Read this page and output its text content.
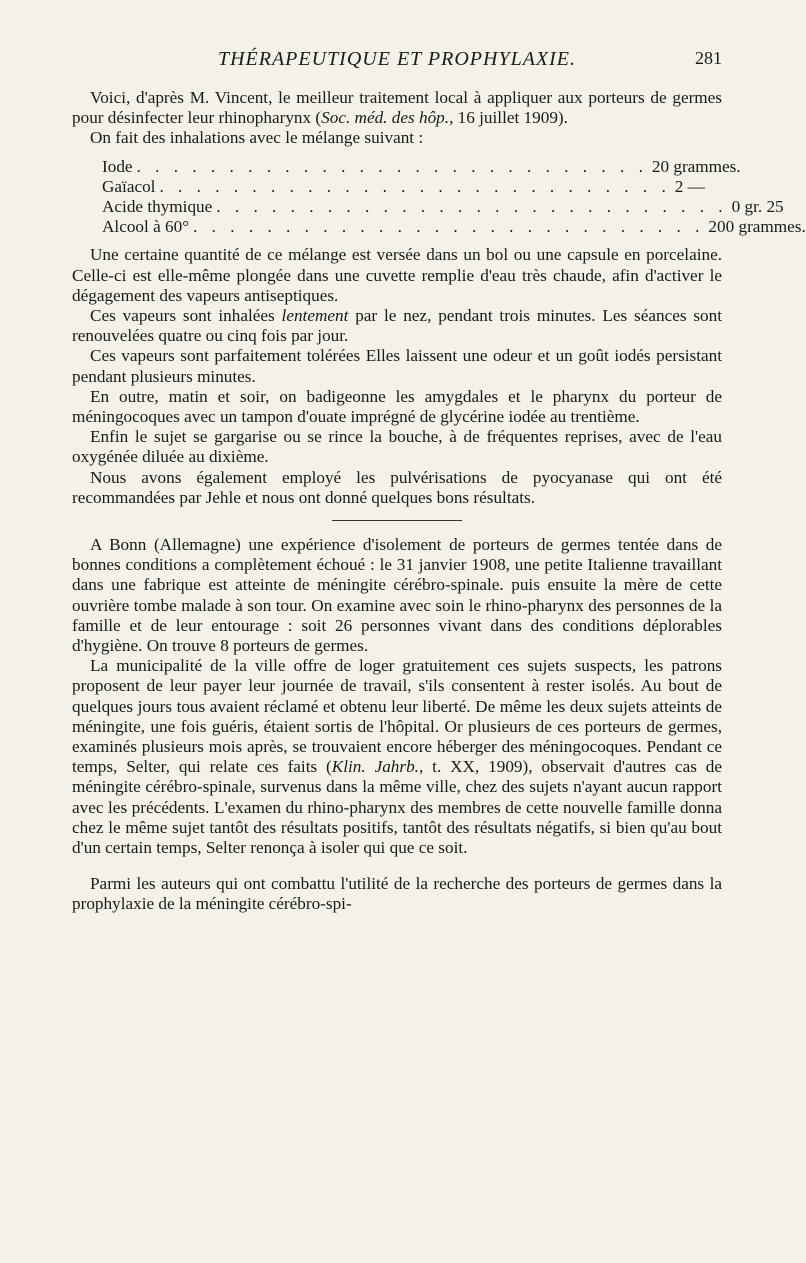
THÉRAPEUTIQUE ET PROPHYLAXIE.	281

Voici, d'après M. Vincent, le meilleur traitement local à appliquer aux porteurs de germes pour désinfecter leur rhinopharynx (Soc. méd. des hôp., 16 juillet 1909).

On fait des inhalations avec le mélange suivant :

Iode . . . . . . . . . . . . . . . . . . . . . . . . . . . . 20 grammes.
Gaïacol . . . . . . . . . . . . . . . . . . . . . . . . . . . . 2 —
Acide thymique . . . . . . . . . . . . . . . . . . . . . . . . . . . . 0 gr. 25
Alcool à 60° . . . . . . . . . . . . . . . . . . . . . . . . . . . . 200 grammes.

Une certaine quantité de ce mélange est versée dans un bol ou une capsule en porcelaine. Celle-ci est elle-même plongée dans une cuvette remplie d'eau très chaude, afin d'activer le dégagement des vapeurs antiseptiques.

Ces vapeurs sont inhalées lentement par le nez, pendant trois minutes. Les séances sont renouvelées quatre ou cinq fois par jour.

Ces vapeurs sont parfaitement tolérées Elles laissent une odeur et un goût iodés persistant pendant plusieurs minutes.

En outre, matin et soir, on badigeonne les amygdales et le pharynx du porteur de méningocoques avec un tampon d'ouate imprégné de glycérine iodée au trentième.

Enfin le sujet se gargarise ou se rince la bouche, à de fréquentes reprises, avec de l'eau oxygénée diluée au dixième.

Nous avons également employé les pulvérisations de pyocyanase qui ont été recommandées par Jehle et nous ont donné quelques bons résultats.

A Bonn (Allemagne) une expérience d'isolement de porteurs de germes tentée dans de bonnes conditions a complètement échoué : le 31 janvier 1908, une petite Italienne travaillant dans une fabrique est atteinte de méningite cérébro-spinale. puis ensuite la mère de cette ouvrière tombe malade à son tour. On examine avec soin le rhino-pharynx des personnes de la famille et de leur entourage : soit 26 personnes vivant dans des conditions déplorables d'hygiène. On trouve 8 porteurs de germes.

La municipalité de la ville offre de loger gratuitement ces sujets suspects, les patrons proposent de leur payer leur journée de travail, s'ils consentent à rester isolés. Au bout de quelques jours tous avaient réclamé et obtenu leur liberté. De même les deux sujets atteints de méningite, une fois guéris, étaient sortis de l'hôpital. Or plusieurs de ces porteurs de germes, examinés plusieurs mois après, se trouvaient encore héberger des méningocoques. Pendant ce temps, Selter, qui relate ces faits (Klin. Jahrb., t. XX, 1909), observait d'autres cas de méningite cérébro-spinale, survenus dans la même ville, chez des sujets n'ayant aucun rapport avec les précédents. L'examen du rhino-pharynx des membres de cette nouvelle famille donna chez le même sujet tantôt des résultats positifs, tantôt des résultats négatifs, si bien qu'au bout d'un certain temps, Selter renonça à isoler qui que ce soit.

Parmi les auteurs qui ont combattu l'utilité de la recherche des porteurs de germes dans la prophylaxie de la méningite cérébro-spi-
